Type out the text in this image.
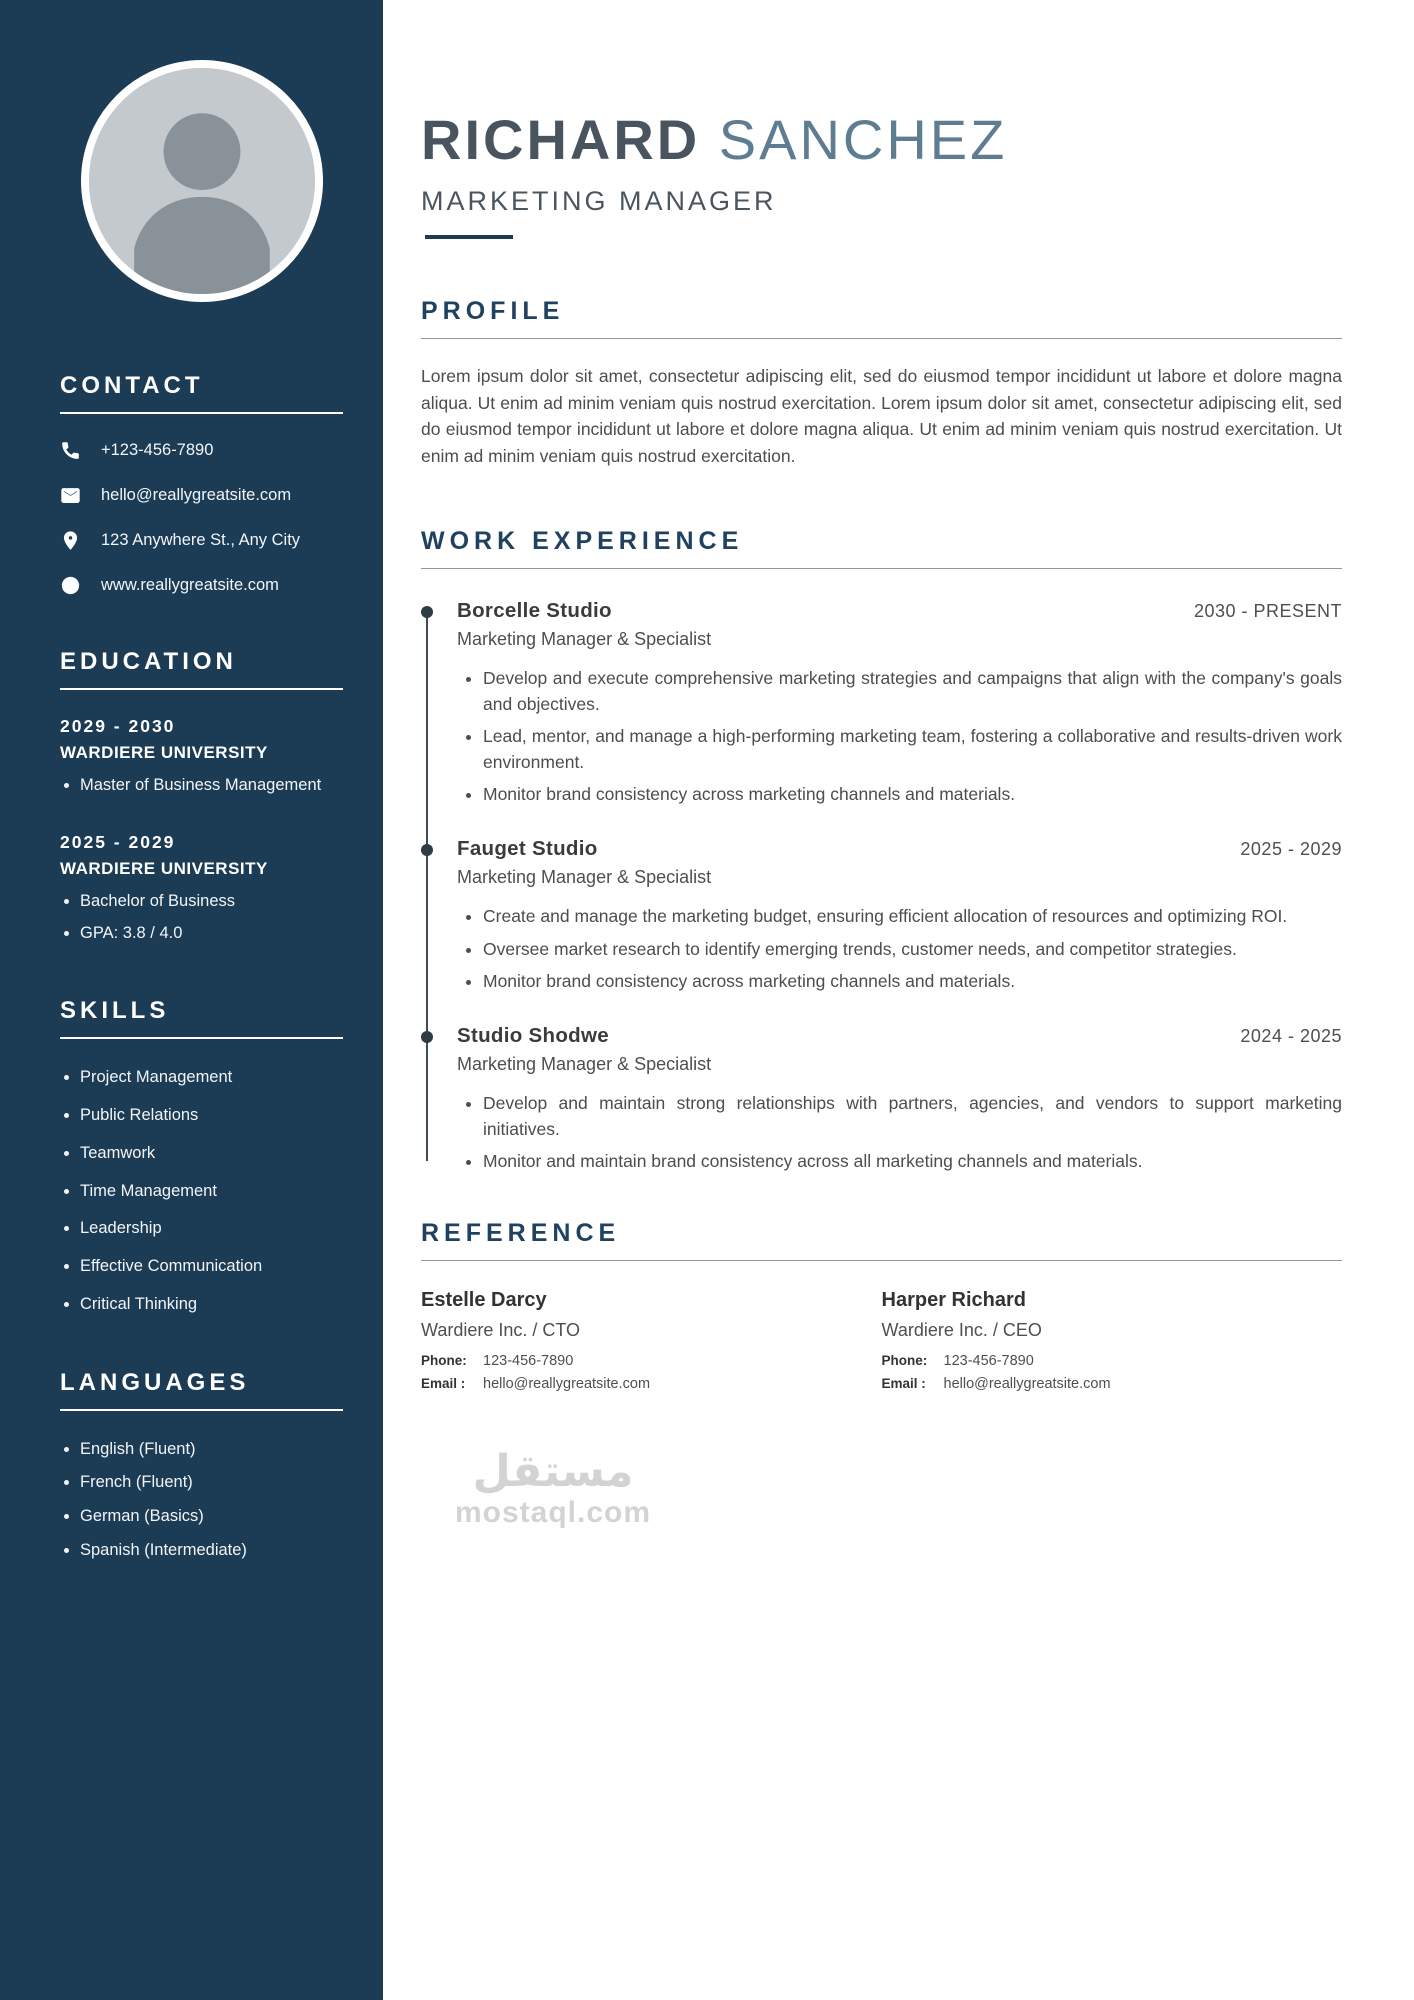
CONTACT
+123-456-7890
hello@reallygreatsite.com
123 Anywhere St., Any City
www.reallygreatsite.com
EDUCATION
2029 - 2030
WARDIERE UNIVERSITY
• Master of Business Management
2025 - 2029
WARDIERE UNIVERSITY
• Bachelor of Business
• GPA: 3.8 / 4.0
SKILLS
• Project Management
• Public Relations
• Teamwork
• Time Management
• Leadership
• Effective Communication
• Critical Thinking
LANGUAGES
• English (Fluent)
• French (Fluent)
• German (Basics)
• Spanish (Intermediate)
RICHARD SANCHEZ
MARKETING MANAGER
PROFILE

Lorem ipsum dolor sit amet, consectetur adipiscing elit, sed do eiusmod tempor incididunt ut labore et dolore magna aliqua. Ut enim ad minim veniam quis nostrud exercitation. Lorem ipsum dolor sit amet, consectetur adipiscing elit, sed do eiusmod tempor incididunt ut labore et dolore magna aliqua. Ut enim ad minim veniam quis nostrud exercitation. Ut enim ad minim veniam quis nostrud exercitation.

WORK EXPERIENCE
Borcelle Studio	2030 - PRESENT
Marketing Manager & Specialist
• Develop and execute comprehensive marketing strategies and campaigns that align with the company's goals and objectives.
• Lead, mentor, and manage a high-performing marketing team, fostering a collaborative and results-driven work environment.
• Monitor brand consistency across marketing channels and materials.
Fauget Studio	2025 - 2029
Marketing Manager & Specialist
• Create and manage the marketing budget, ensuring efficient allocation of resources and optimizing ROI.
• Oversee market research to identify emerging trends, customer needs, and competitor strategies.
• Monitor brand consistency across marketing channels and materials.
Studio Shodwe	2024 - 2025
Marketing Manager & Specialist
• Develop and maintain strong relationships with partners, agencies, and vendors to support marketing initiatives.
• Monitor and maintain brand consistency across all marketing channels and materials.
REFERENCE
Estelle Darcy
Wardiere Inc. / CTO
Phone: 123-456-7890
Email : hello@reallygreatsite.com
Harper Richard
Wardiere Inc. / CEO
Phone: 123-456-7890
Email : hello@reallygreatsite.com
مستقل
mostaql.com
